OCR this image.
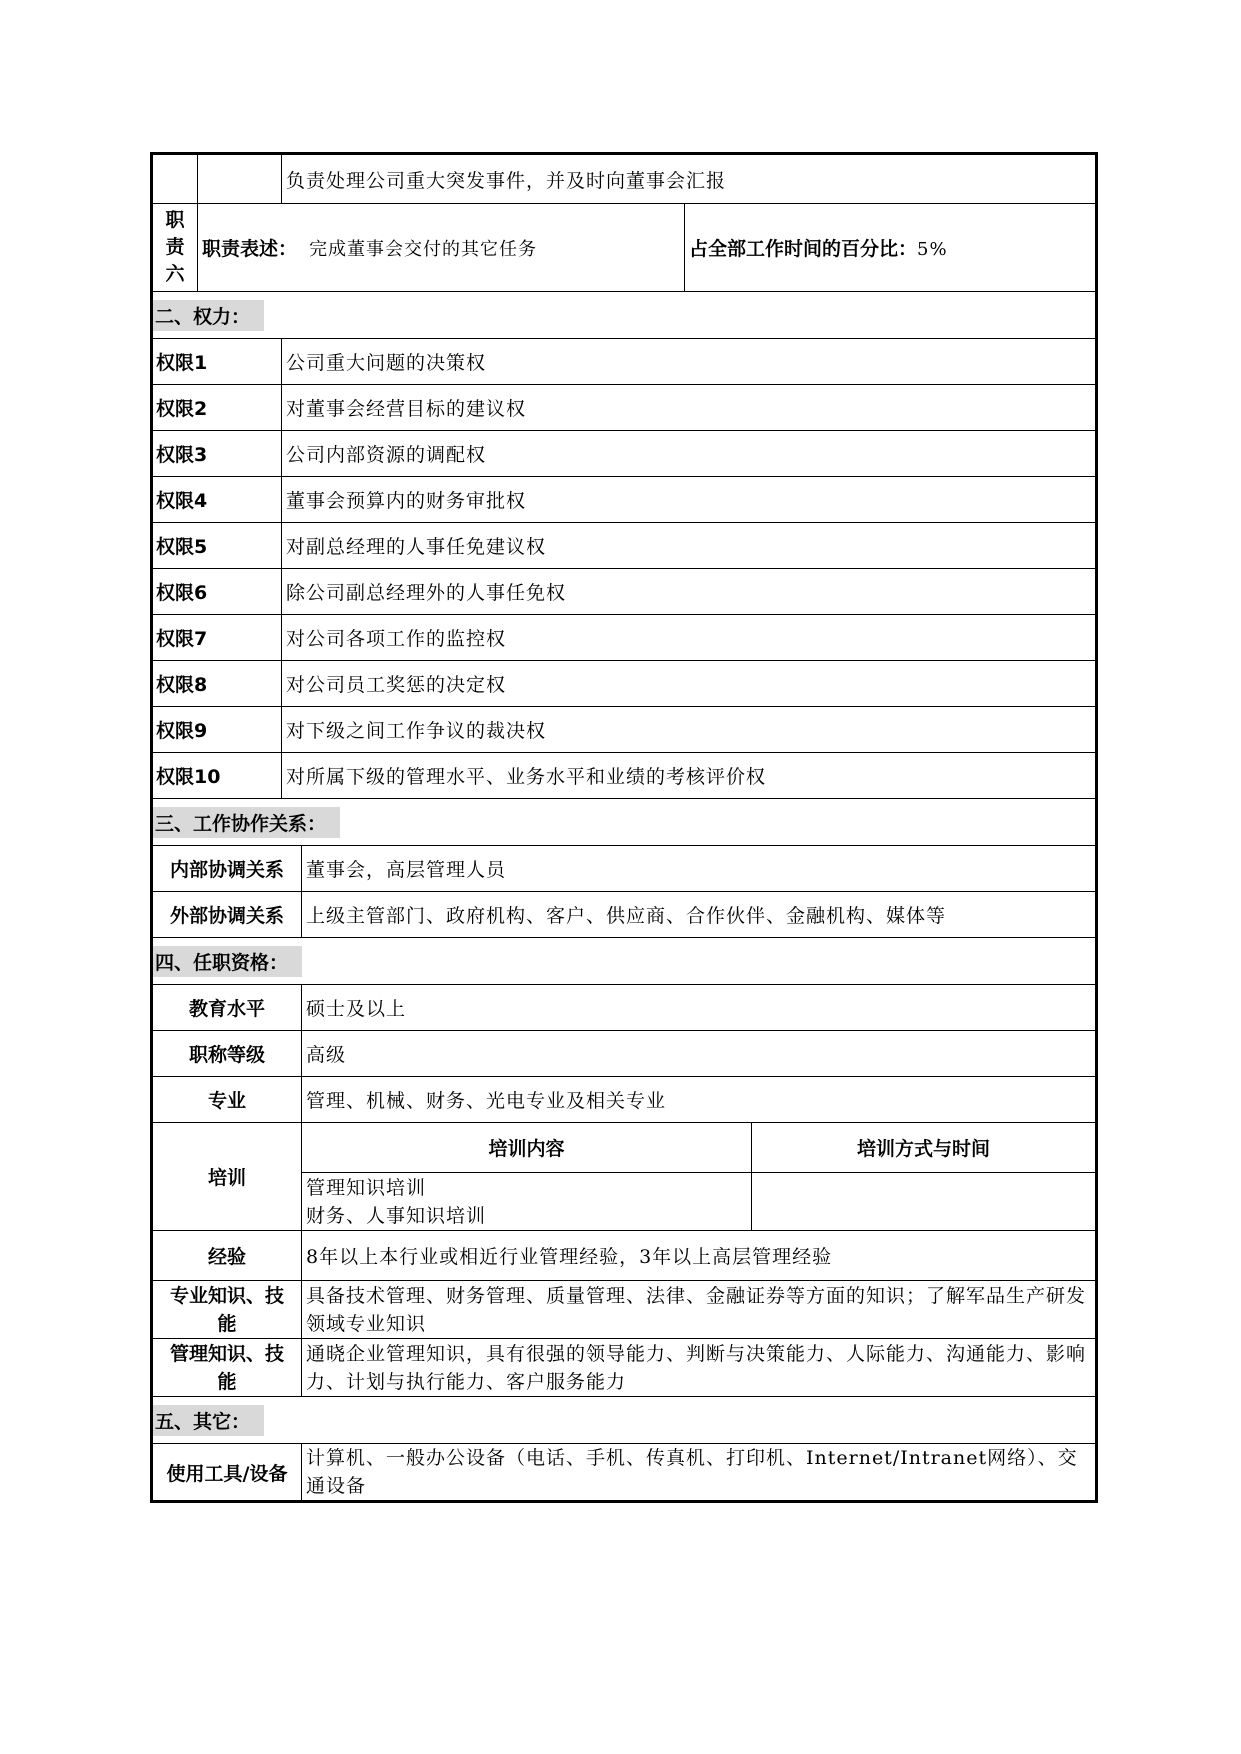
		负责处理公司重大突发事件，并及时向董事会汇报			

职
责
六	职责表述： 完成董事会交付的其它任务			占全部工作时间的百分比：5%	
二、权力：					
权限1		公司重大问题的决策权			
权限2		对董事会经营目标的建议权			
权限3		公司内部资源的调配权			
权限4		董事会预算内的财务审批权			
权限5		对副总经理的人事任免建议权			
权限6		除公司副总经理外的人事任免权			
权限7		对公司各项工作的监控权			
权限8		对公司员工奖惩的决定权			
权限9		对下级之间工作争议的裁决权			
权限10		对所属下级的管理水平、业务水平和业绩的考核评价权			
三、工作协作关系：					
内部协调关系			董事会，高层管理人员		
外部协调关系			上级主管部门、政府机构、客户、供应商、合作伙伴、金融机构、媒体等		
四、任职资格：					
教育水平			硕士及以上		
职称等级			高级		
专业			管理、机械、财务、光电专业及相关专业		
培训			培训内容		培训方式与时间

			管理知识培训
财务、人事知识培训		

经验			8年以上本行业或相近行业管理经验，3年以上高层管理经验		

专业知识、技
能			具备技术管理、财务管理、质量管理、法律、金融证券等方面的知识；了解军品生产研发领域专业知识		

管理知识、技
能			通晓企业管理知识，具有很强的领导能力、判断与决策能力、人际能力、沟通能力、影响力、计划与执行能力、客户服务能力		
五、其它：					
使用工具/设备			计算机、一般办公设备（电话、手机、传真机、打印机、Internet/Intranet网络）、交通设备		
